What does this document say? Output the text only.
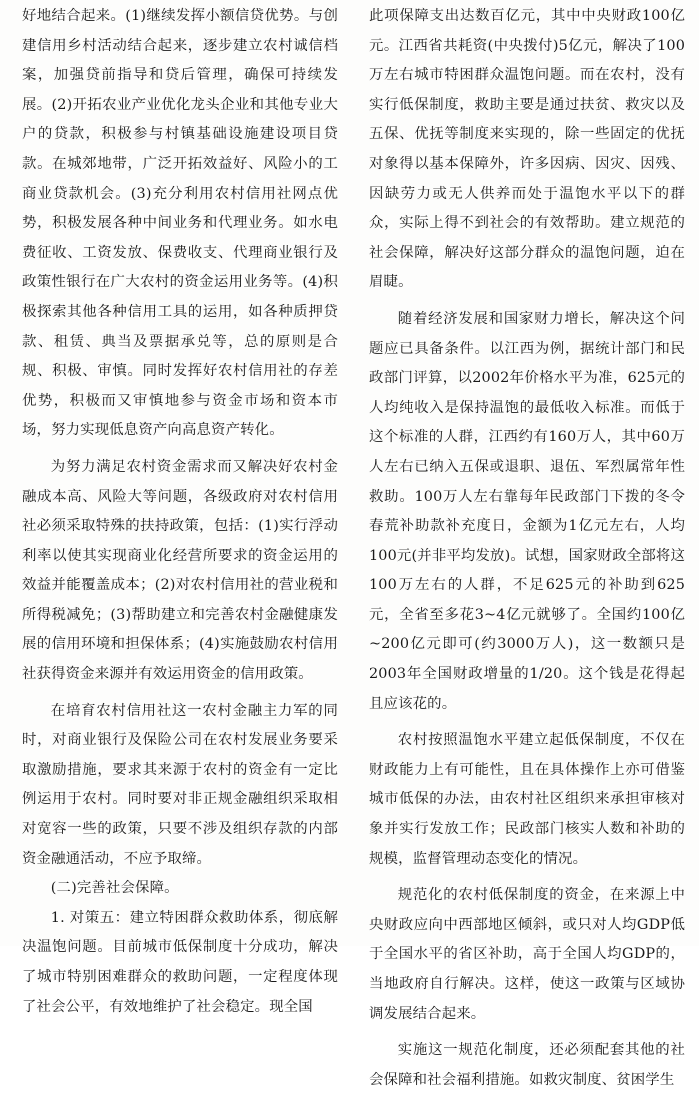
好地结合起来。(1)继续发挥小额信贷优势。与创建信用乡村活动结合起来，逐步建立农村诚信档案，加强贷前指导和贷后管理，确保可持续发展。(2)开拓农业产业优化龙头企业和其他专业大户的贷款，积极参与村镇基础设施建设项目贷款。在城郊地带，广泛开拓效益好、风险小的工商业贷款机会。(3)充分利用农村信用社网点优势，积极发展各种中间业务和代理业务。如水电费征收、工资发放、保费收支、代理商业银行及政策性银行在广大农村的资金运用业务等。(4)积极探索其他各种信用工具的运用，如各种质押贷款、租赁、典当及票据承兑等，总的原则是合规、积极、审慎。同时发挥好农村信用社的存差优势，积极而又审慎地参与资金市场和资本市场，努力实现低息资产向高息资产转化。

为努力满足农村资金需求而又解决好农村金融成本高、风险大等问题，各级政府对农村信用社必须采取特殊的扶持政策，包括：(1)实行浮动利率以使其实现商业化经营所要求的资金运用的效益并能覆盖成本；(2)对农村信用社的营业税和所得税减免；(3)帮助建立和完善农村金融健康发展的信用环境和担保体系；(4)实施鼓励农村信用社获得资金来源并有效运用资金的信用政策。

在培育农村信用社这一农村金融主力军的同时，对商业银行及保险公司在农村发展业务要采取激励措施，要求其来源于农村的资金有一定比例运用于农村。同时要对非正规金融组织采取相对宽容一些的政策，只要不涉及组织存款的内部资金融通活动，不应予取缔。

(二)完善社会保障。

1. 对策五：建立特困群众救助体系，彻底解决温饱问题。目前城市低保制度十分成功，解决了城市特别困难群众的救助问题，一定程度体现了社会公平，有效地维护了社会稳定。现全国

此项保障支出达数百亿元，其中中央财政100亿元。江西省共耗资(中央拨付)5亿元，解决了100万左右城市特困群众温饱问题。而在农村，没有实行低保制度，救助主要是通过扶贫、救灾以及五保、优抚等制度来实现的，除一些固定的优抚对象得以基本保障外，许多因病、因灾、因残、因缺劳力或无人供养而处于温饱水平以下的群众，实际上得不到社会的有效帮助。建立规范的社会保障，解决好这部分群众的温饱问题，迫在眉睫。

随着经济发展和国家财力增长，解决这个问题应已具备条件。以江西为例，据统计部门和民政部门评算，以2002年价格水平为准，625元的人均纯收入是保持温饱的最低收入标准。而低于这个标准的人群，江西约有160万人，其中60万人左右已纳入五保或退职、退伍、军烈属常年性救助。100万人左右靠每年民政部门下拨的冬令春荒补助款补充度日，金额为1亿元左右，人均100元(并非平均发放)。试想，国家财政全部将这100万左右的人群，不足625元的补助到625元，全省至多花3~4亿元就够了。全国约100亿~200亿元即可(约3000万人)，这一数额只是2003年全国财政增量的1/20。这个钱是花得起且应该花的。

农村按照温饱水平建立起低保制度，不仅在财政能力上有可能性，且在具体操作上亦可借鉴城市低保的办法，由农村社区组织来承担审核对象并实行发放工作；民政部门核实人数和补助的规模，监督管理动态变化的情况。

规范化的农村低保制度的资金，在来源上中央财政应向中西部地区倾斜，或只对人均GDP低于全国水平的省区补助，高于全国人均GDP的，当地政府自行解决。这样，使这一政策与区域协调发展结合起来。

实施这一规范化制度，还必须配套其他的社会保障和社会福利措施。如救灾制度、贫困学生
